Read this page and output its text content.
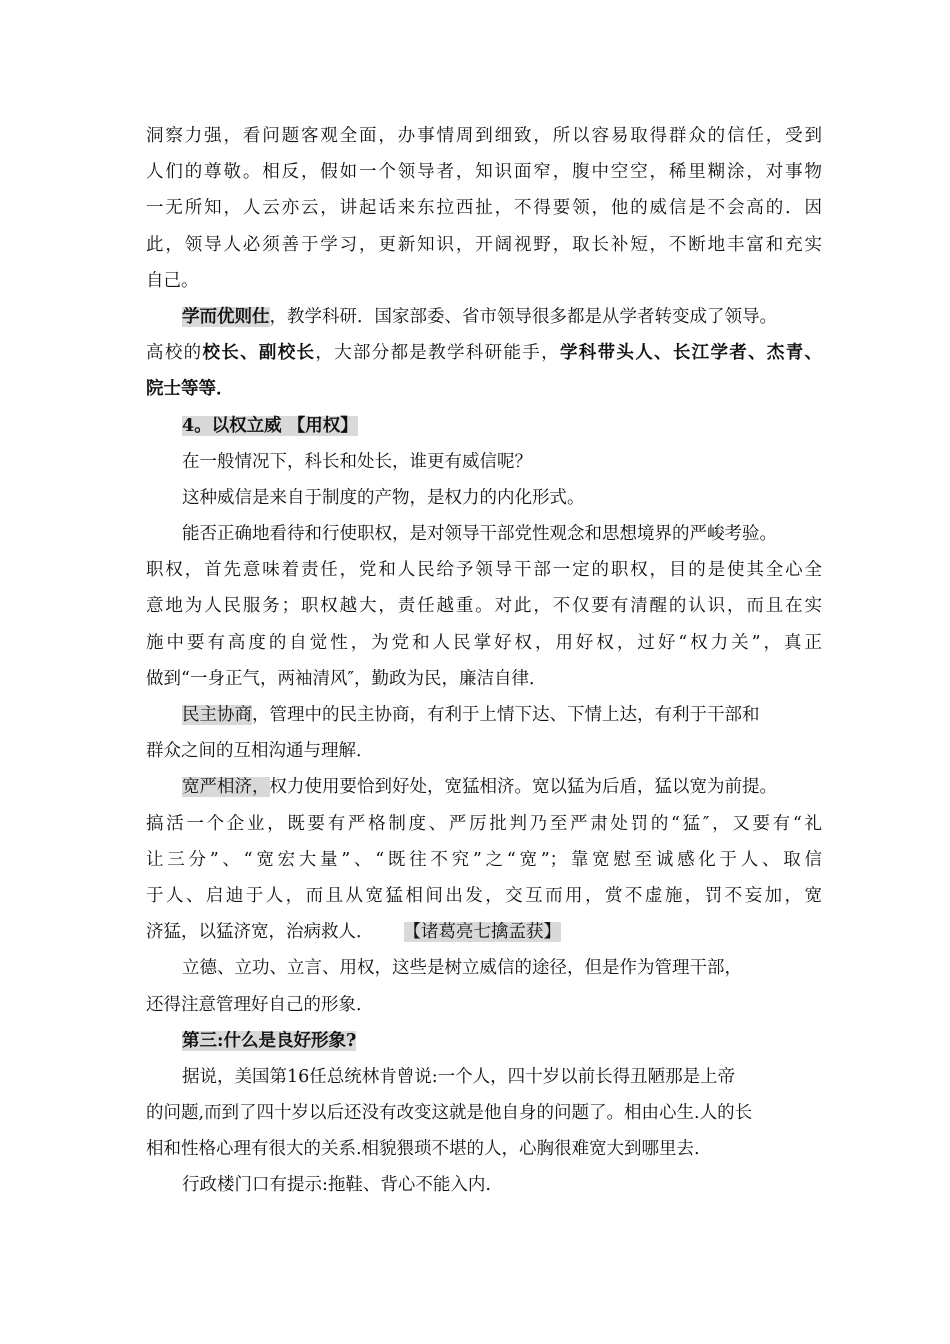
洞察力强，看问题客观全面，办事情周到细致，所以容易取得群众的信任，受到
人们的尊敬。相反，假如一个领导者，知识面窄，腹中空空，稀里糊涂，对事物
一无所知，人云亦云，讲起话来东拉西扯，不得要领，他的威信是不会高的．因
此，领导人必须善于学习，更新知识，开阔视野，取长补短，不断地丰富和充实
自己。
学而优则仕，教学科研．国家部委、省市领导很多都是从学者转变成了领导。
高校的校长、副校长，大部分都是教学科研能手，学科带头人、长江学者、杰青、
院士等等．
4。以权立威 【用权】
在一般情况下，科长和处长，谁更有威信呢？
这种威信是来自于制度的产物，是权力的内化形式。
能否正确地看待和行使职权，是对领导干部党性观念和思想境界的严峻考验。
职权，首先意味着责任，党和人民给予领导干部一定的职权，目的是使其全心全
意地为人民服务；职权越大，责任越重。对此，不仅要有清醒的认识，而且在实
施中要有高度的自觉性，为党和人民掌好权，用好权，过好“权力关”，真正
做到“一身正气，两袖清风″，勤政为民，廉洁自律．
民主协商，管理中的民主协商，有利于上情下达、下情上达，有利于干部和
群众之间的互相沟通与理解．
宽严相济，权力使用要恰到好处，宽猛相济。宽以猛为后盾，猛以宽为前提。
搞活一个企业，既要有严格制度、严厉批判乃至严肃处罚的“猛″，又要有“礼
让三分”、“宽宏大量”、“既往不究”之“宽”；靠宽慰至诚感化于人、取信
于人、启迪于人，而且从宽猛相间出发，交互而用，赏不虚施，罚不妄加，宽
济猛，以猛济宽，治病救人． 【诸葛亮七擒孟获】
立德、立功、立言、用权，这些是树立威信的途径，但是作为管理干部，
还得注意管理好自己的形象．
第三:什么是良好形象?
据说，美国第16任总统林肯曾说:一个人，四十岁以前长得丑陋那是上帝
的问题,而到了四十岁以后还没有改变这就是他自身的问题了。相由心生.人的长
相和性格心理有很大的关系.相貌猥琐不堪的人，心胸很难宽大到哪里去.
行政楼门口有提示:拖鞋、背心不能入内.
